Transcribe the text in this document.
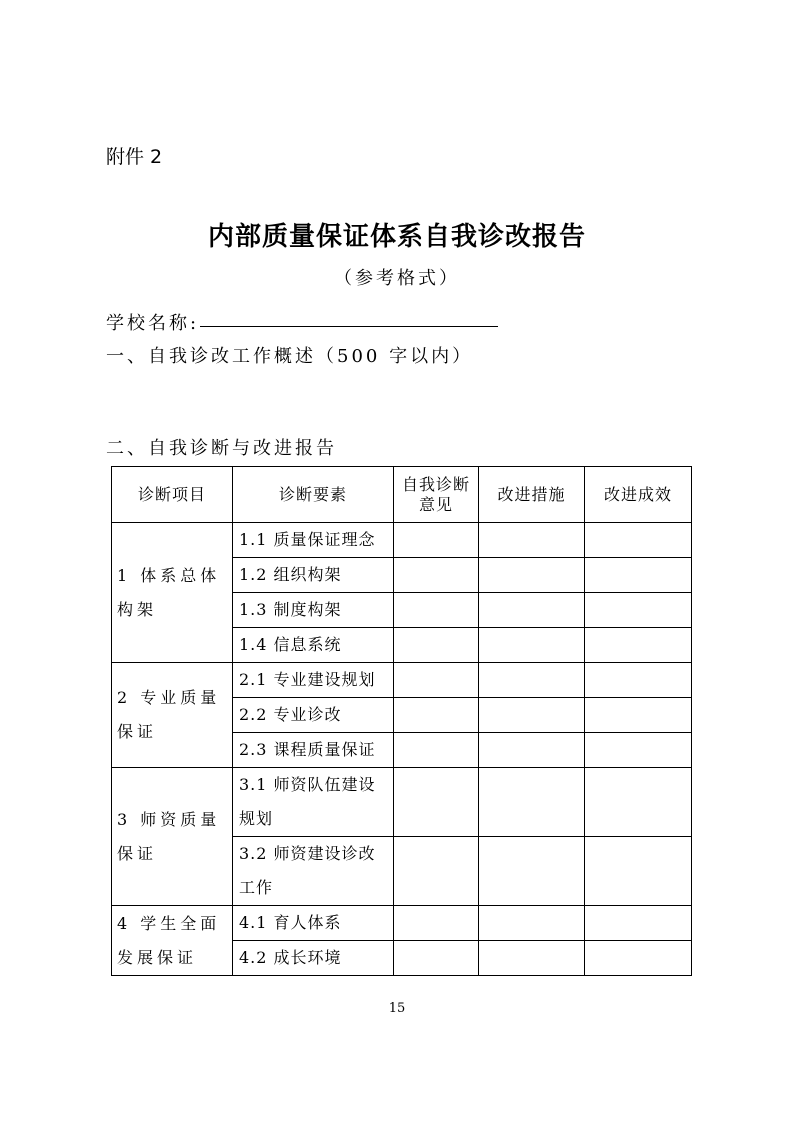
附件 2
内部质量保证体系自我诊改报告
（参考格式）
学校名称:
一、自我诊改工作概述（500 字以内）
二、自我诊断与改进报告
诊断项目	诊断要素	自我诊断意见	改进措施	改进成效
1 体系总体构架	1.1 质量保证理念			
	1.2 组织构架			
	1.3 制度构架			
	1.4 信息系统			
2 专业质量保证	2.1 专业建设规划			
	2.2 专业诊改			
	2.3 课程质量保证			
3 师资质量保证	3.1 师资队伍建设规划			
	3.2 师资建设诊改工作			
4 学生全面发展保证	4.1 育人体系			
	4.2 成长环境			
15
